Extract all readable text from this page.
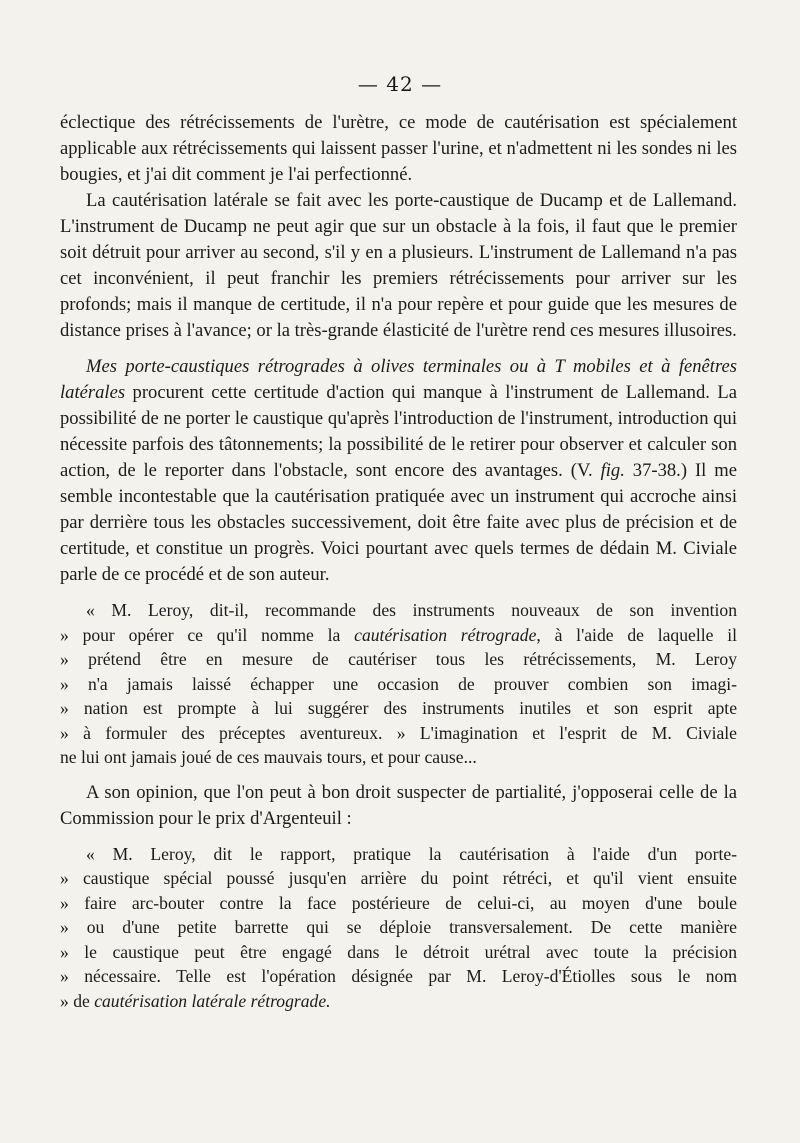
— 42 —

éclectique des rétrécissements de l'urètre, ce mode de cautérisation est spécialement applicable aux rétrécissements qui laissent passer l'urine, et n'admettent ni les sondes ni les bougies, et j'ai dit comment je l'ai perfectionné.

La cautérisation latérale se fait avec les porte-caustique de Ducamp et de Lallemand. L'instrument de Ducamp ne peut agir que sur un obstacle à la fois, il faut que le premier soit détruit pour arriver au second, s'il y en a plusieurs. L'instrument de Lallemand n'a pas cet inconvénient, il peut franchir les premiers rétrécissements pour arriver sur les profonds; mais il manque de certitude, il n'a pour repère et pour guide que les mesures de distance prises à l'avance; or la très-grande élasticité de l'urètre rend ces mesures illusoires.

Mes porte-caustiques rétrogrades à olives terminales ou à T mobiles et à fenêtres latérales procurent cette certitude d'action qui manque à l'instrument de Lallemand. La possibilité de ne porter le caustique qu'après l'introduction de l'instrument, introduction qui nécessite parfois des tâtonnements; la possibilité de le retirer pour observer et calculer son action, de le reporter dans l'obstacle, sont encore des avantages. (V. fig. 37-38.) Il me semble incontestable que la cautérisation pratiquée avec un instrument qui accroche ainsi par derrière tous les obstacles successivement, doit être faite avec plus de précision et de certitude, et constitue un progrès. Voici pourtant avec quels termes de dédain M. Civiale parle de ce procédé et de son auteur.

« M. Leroy, dit-il, recommande des instruments nouveaux de son invention
» pour opérer ce qu'il nomme la cautérisation rétrograde, à l'aide de laquelle il
» prétend être en mesure de cautériser tous les rétrécissements, M. Leroy
» n'a jamais laissé échapper une occasion de prouver combien son imagi-
» nation est prompte à lui suggérer des instruments inutiles et son esprit apte
» à formuler des préceptes aventureux. » L'imagination et l'esprit de M. Civiale
ne lui ont jamais joué de ces mauvais tours, et pour cause...

A son opinion, que l'on peut à bon droit suspecter de partialité, j'opposerai celle de la Commission pour le prix d'Argenteuil :

« M. Leroy, dit le rapport, pratique la cautérisation à l'aide d'un porte-
» caustique spécial poussé jusqu'en arrière du point rétréci, et qu'il vient ensuite
» faire arc-bouter contre la face postérieure de celui-ci, au moyen d'une boule
» ou d'une petite barrette qui se déploie transversalement. De cette manière
» le caustique peut être engagé dans le détroit urétral avec toute la précision
» nécessaire. Telle est l'opération désignée par M. Leroy-d'Étiolles sous le nom
» de cautérisation latérale rétrograde.
